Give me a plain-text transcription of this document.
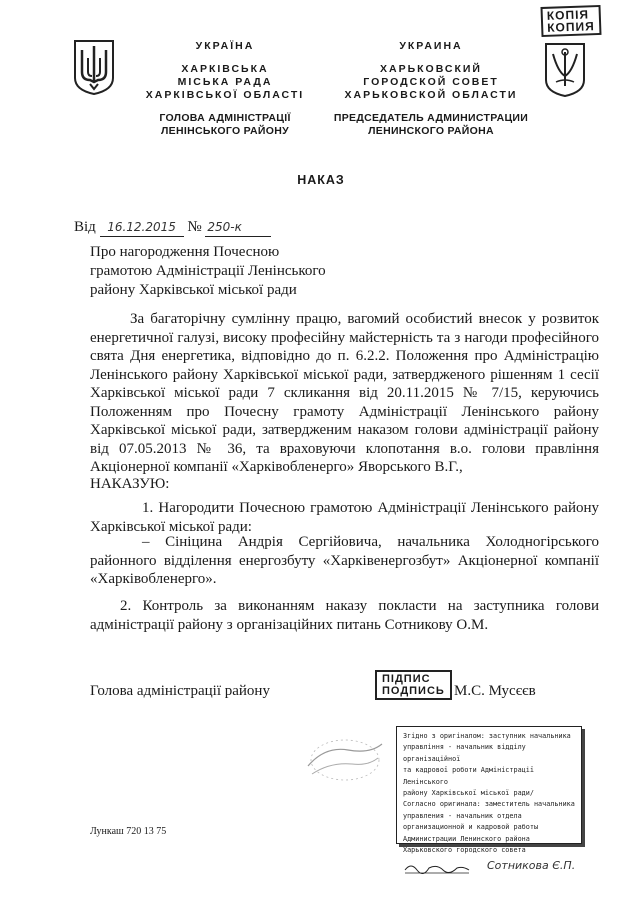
КОПІЯ
КОПИЯ
УКРАЇНА
ХАРКІВСЬКА
МІСЬКА РАДА
ХАРКІВСЬКОЇ ОБЛАСТІ
ГОЛОВА АДМІНІСТРАЦІЇ
ЛЕНІНСЬКОГО РАЙОНУ
УКРАИНА
ХАРЬКОВСКИЙ
ГОРОДСКОЙ СОВЕТ
ХАРЬКОВСКОЙ ОБЛАСТИ
ПРЕДСЕДАТЕЛЬ АДМИНИСТРАЦИИ
ЛЕНИНСКОГО РАЙОНА
НАКАЗ
Від 16.12.2015 № 250-к
Про нагородження Почесною
грамотою Адміністрації Ленінського
району Харківської міської ради
За багаторічну сумлінну працю, вагомий особистий внесок у розвиток енергетичної галузі, високу професійну майстерність та з нагоди професійного свята Дня енергетика, відповідно до п. 6.2.2. Положення про Адміністрацію Ленінського району Харківської міської ради, затвердженого рішенням 1 сесії Харківської міської ради 7 скликання від 20.11.2015 № 7/15, керуючись Положенням про Почесну грамоту Адміністрації Ленінського району Харківської міської ради, затвердженим наказом голови адміністрації району від 07.05.2013 № 36, та враховуючи клопотання в.о. голови правління Акціонерної компанії «Харківобленерго» Яворського В.Г.,
НАКАЗУЮ:
1. Нагородити Почесною грамотою Адміністрації Ленінського району Харківської міської ради:
– Сініцина Андрія Сергійовича, начальника Холодногірського районного відділення енергозбуту «Харківенергозбут» Акціонерної компанії «Харківобленерго».
2. Контроль за виконанням наказу покласти на заступника голови адміністрації району з організаційних питань Сотникову О.М.
Голова адміністрації району
ПІДПИС
ПОДПИСЬ М.С. Мусєєв
Згідно з оригіналом: заступник начальника
управління - начальник відділу організаційної
та кадрової роботи Адміністрації Ленінського
району Харківської міської ради/
Согласно оригинала: заместитель начальника
управления - начальник отдела
организационной и кадровой работы
Администрации Ленинского района
Харьковского городского совета
Сотникова Є.П.
Лункаш 720 13 75
